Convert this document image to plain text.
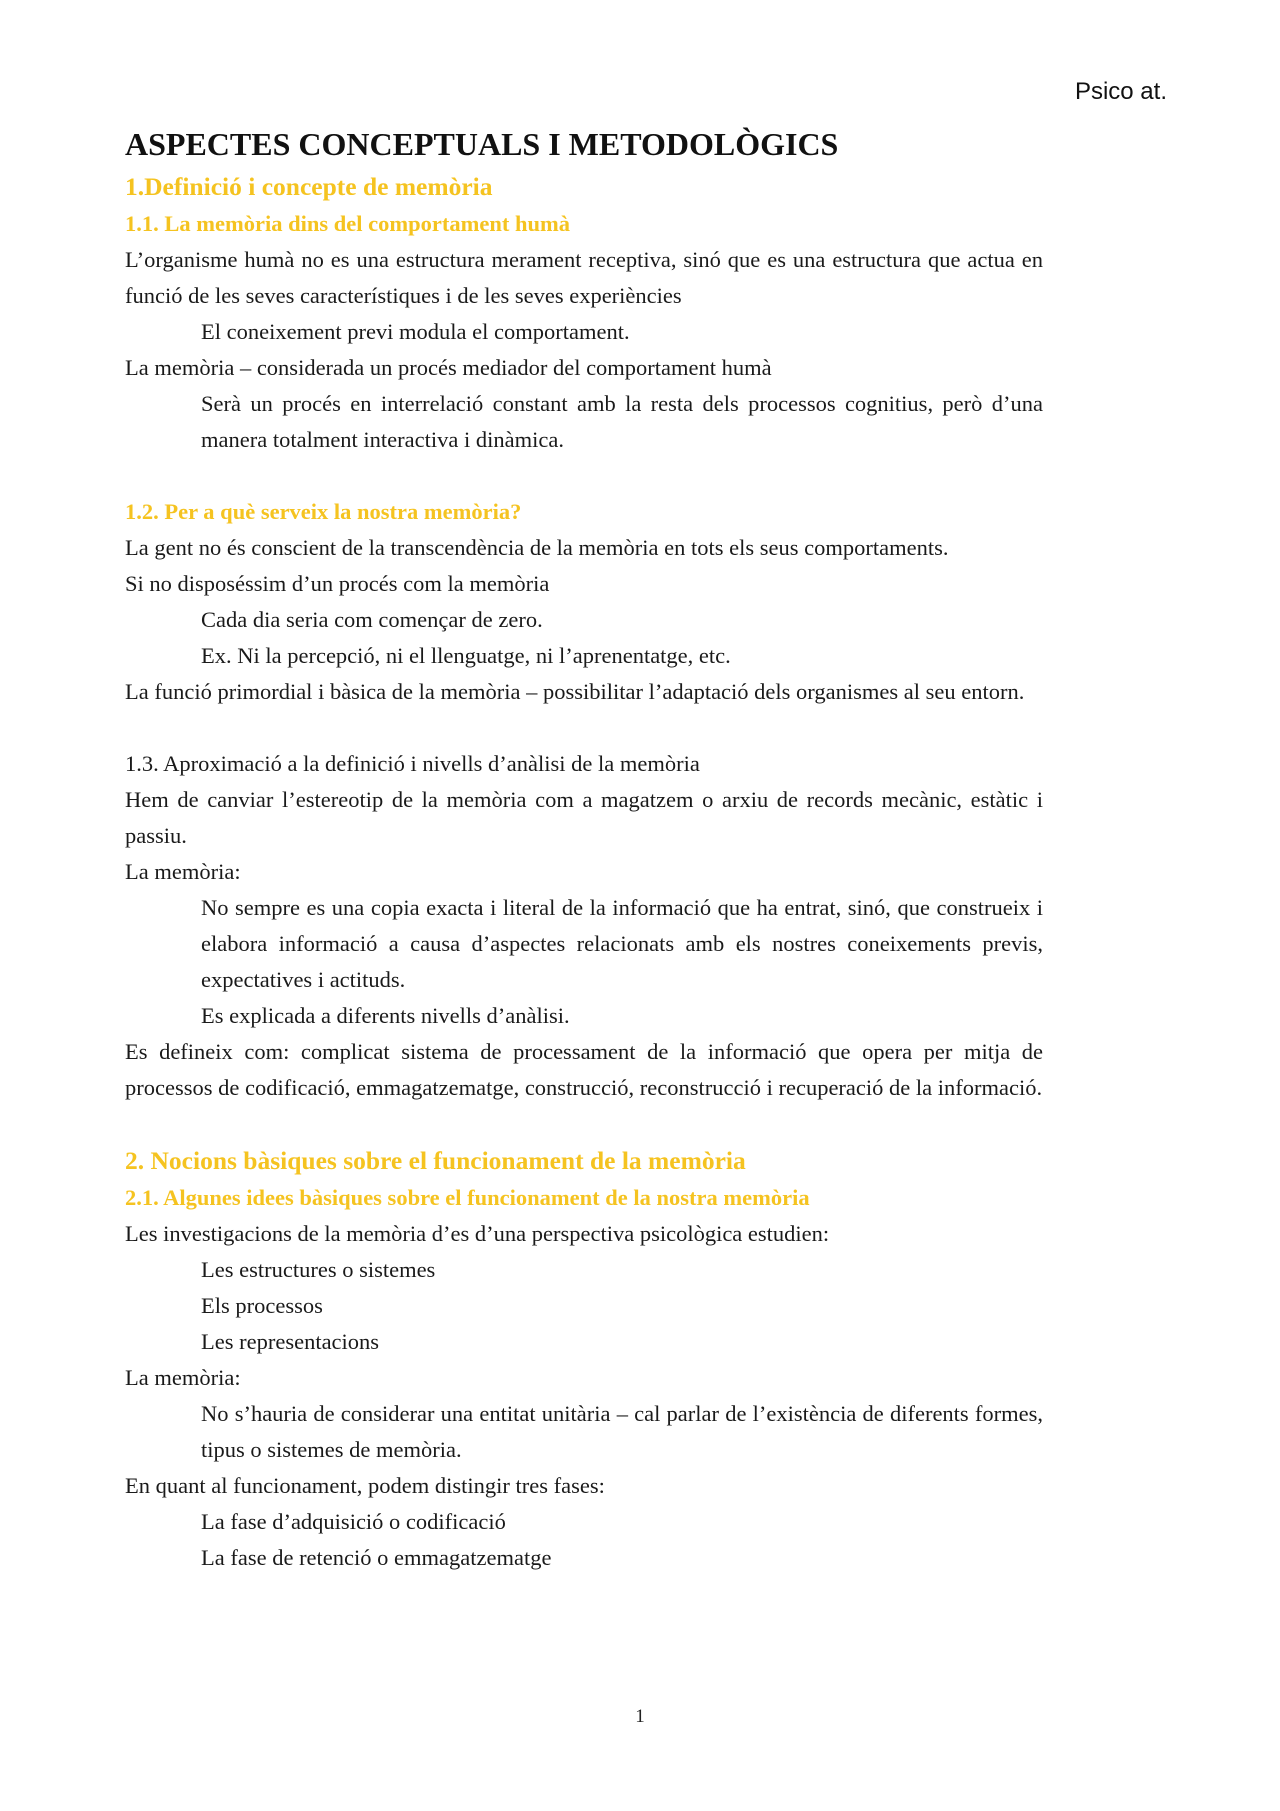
Psico at.
ASPECTES CONCEPTUALS I METODOLÒGICS
1.Definició i concepte de memòria
1.1. La memòria dins del comportament humà

L’organisme humà no es una estructura merament receptiva, sinó que es una estructura que actua en funció de les seves característiques i de les seves experiències

El coneixement previ modula el comportament.

La memòria – considerada un procés mediador del comportament humà

Serà un procés en interrelació constant amb la resta dels processos cognitius, però d’una manera totalment interactiva i dinàmica.

1.2. Per a què serveix la nostra memòria?

La gent no és conscient de la transcendència de la memòria en tots els seus comportaments.

Si no disposéssim d’un procés com la memòria

Cada dia seria com començar de zero.

Ex. Ni la percepció, ni el llenguatge, ni l’aprenentatge, etc.

La funció primordial i bàsica de la memòria – possibilitar l’adaptació dels organismes al seu entorn.

1.3. Aproximació a la definició i nivells d’anàlisi de la memòria

Hem de canviar l’estereotip de la memòria com a magatzem o arxiu de records mecànic, estàtic i passiu.

La memòria:

No sempre es una copia exacta i literal de la informació que ha entrat, sinó, que construeix i elabora informació a causa d’aspectes relacionats amb els nostres coneixements previs, expectatives i actituds.

Es explicada a diferents nivells d’anàlisi.

Es defineix com: complicat sistema de processament de la informació que opera per mitja de processos de codificació, emmagatzematge, construcció, reconstrucció i recuperació de la informació.

2. Nocions bàsiques sobre el funcionament de la memòria
2.1. Algunes idees bàsiques sobre el funcionament de la nostra memòria

Les investigacions de la memòria d’es d’una perspectiva psicològica estudien:

Les estructures o sistemes

Els processos

Les representacions

La memòria:

No s’hauria de considerar una entitat unitària – cal parlar de l’existència de diferents formes, tipus o sistemes de memòria.

En quant al funcionament, podem distingir tres fases:

La fase d’adquisició o codificació

La fase de retenció o emmagatzematge

1
